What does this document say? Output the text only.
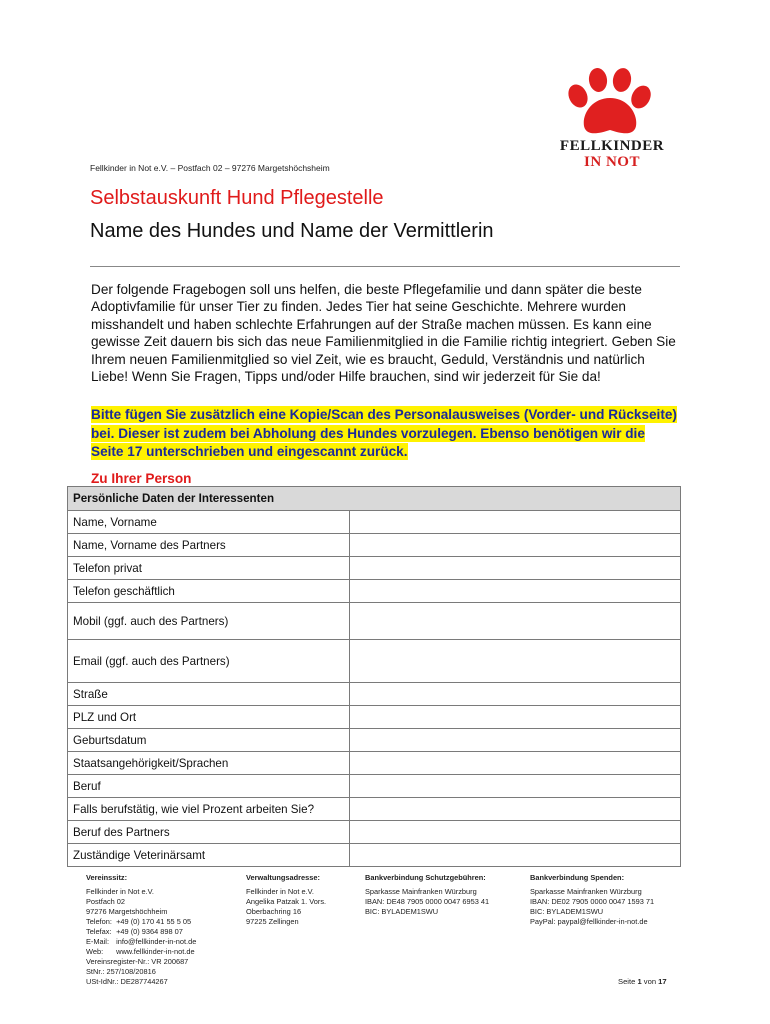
FELLKINDER
IN NOT
Fellkinder in Not e.V. – Postfach 02 – 97276 Margetshöchsheim
Selbstauskunft Hund Pflegestelle
Name des Hundes und Name der Vermittlerin
Der folgende Fragebogen soll uns helfen, die beste Pflegefamilie und dann später die beste Adoptivfamilie für unser Tier zu finden. Jedes Tier hat seine Geschichte. Mehrere wurden misshandelt und haben schlechte Erfahrungen auf der Straße machen müssen. Es kann eine gewisse Zeit dauern bis sich das neue Familienmitglied in die Familie richtig integriert. Geben Sie Ihrem neuen Familienmitglied so viel Zeit, wie es braucht, Geduld, Verständnis und natürlich Liebe! Wenn Sie Fragen, Tipps und/oder Hilfe brauchen, sind wir jederzeit für Sie da!
Bitte fügen Sie zusätzlich eine Kopie/Scan des Personalausweises (Vorder- und Rückseite) bei. Dieser ist zudem bei Abholung des Hundes vorzulegen. Ebenso benötigen wir die Seite 17 unterschrieben und eingescannt zurück.
Zu Ihrer Person
Persönliche Daten der Interessenten	
Name, Vorname	
Name, Vorname des Partners	
Telefon privat	
Telefon geschäftlich	
Mobil (ggf. auch des Partners)	
Email (ggf. auch des Partners)	
Straße	
PLZ und Ort	
Geburtsdatum	
Staatsangehörigkeit/Sprachen	
Beruf	
Falls berufstätig, wie viel Prozent arbeiten Sie?	
Beruf des Partners	
Zuständige Veterinärsamt	
Vereinssitz:
Fellkinder in Not e.V.
Postfach 02
97276 Margetshöchheim
Telefon:
+49 (0) 170 41 55 5 05
Telefax:
+49 (0) 9364 898 07
E-Mail:
info@fellkinder-in-not.de
Web:
	www.fellkinder-in-not.de
Vereinsregister-Nr.: VR 200687
StNr.: 257/108/20816
USt-IdNr.: DE287744267
Verwaltungsadresse:
Fellkinder in Not e.V.
Angelika Patzak 1. Vors.
Oberbachring 16
97225 Zellingen
Bankverbindung Schutzgebühren:
Sparkasse Mainfranken Würzburg
IBAN: DE48 7905 0000 0047 6953 41
BIC: BYLADEM1SWU
Bankverbindung Spenden:
Sparkasse Mainfranken Würzburg
IBAN: DE02 7905 0000 0047 1593 71
BIC: BYLADEM1SWU
PayPal: paypal@fellkinder-in-not.de
Seite 1 von 17
